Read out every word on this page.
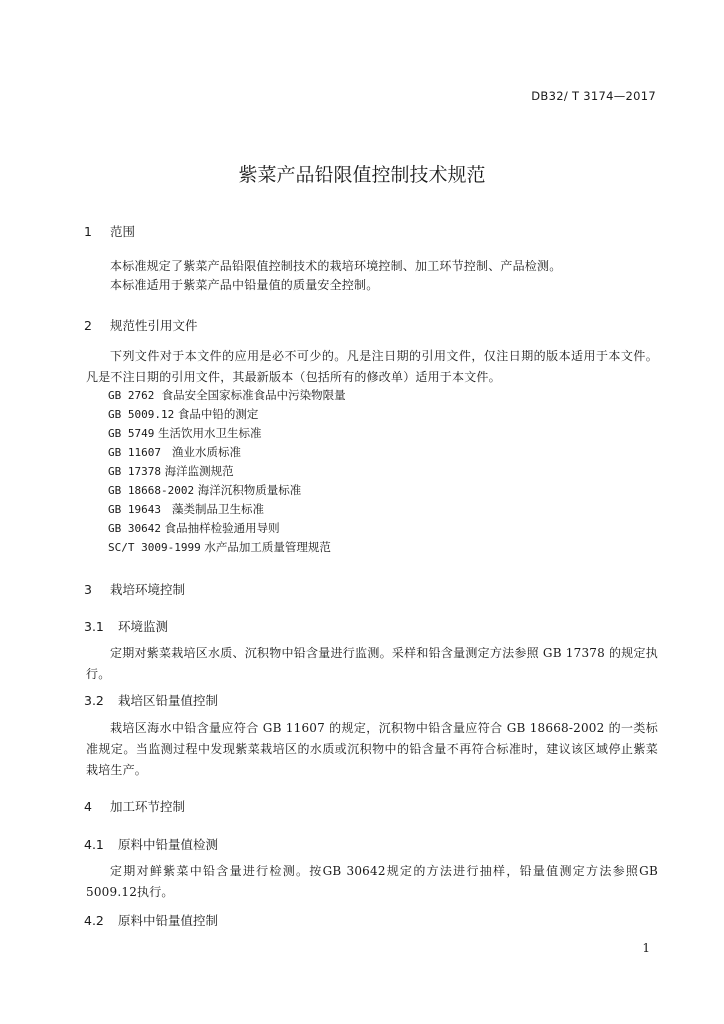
DB32/ T 3174—2017
紫菜产品铅限值控制技术规范
1 范围
本标准规定了紫菜产品铅限值控制技术的栽培环境控制、加工环节控制、产品检测。
本标准适用于紫菜产品中铅量值的质量安全控制。
2 规范性引用文件
下列文件对于本文件的应用是必不可少的。凡是注日期的引用文件，仅注日期的版本适用于本文件。凡是不注日期的引用文件，其最新版本（包括所有的修改单）适用于本文件。
GB 2762 食品安全国家标准食品中污染物限量
GB 5009.12 食品中铅的测定
GB 5749 生活饮用水卫生标准
GB 11607 渔业水质标准
GB 17378 海洋监测规范
GB 18668-2002 海洋沉积物质量标准
GB 19643 藻类制品卫生标准
GB 30642 食品抽样检验通用导则
SC/T 3009-1999 水产品加工质量管理规范
3 栽培环境控制
3.1 环境监测
定期对紫菜栽培区水质、沉积物中铅含量进行监测。采样和铅含量测定方法参照 GB 17378 的规定执行。
3.2 栽培区铅量值控制
栽培区海水中铅含量应符合 GB 11607 的规定，沉积物中铅含量应符合 GB 18668-2002 的一类标准规定。当监测过程中发现紫菜栽培区的水质或沉积物中的铅含量不再符合标准时，建议该区域停止紫菜栽培生产。
4 加工环节控制
4.1 原料中铅量值检测
定期对鲜紫菜中铅含量进行检测。按GB 30642规定的方法进行抽样，铅量值测定方法参照GB 5009.12执行。
4.2 原料中铅量值控制
1
